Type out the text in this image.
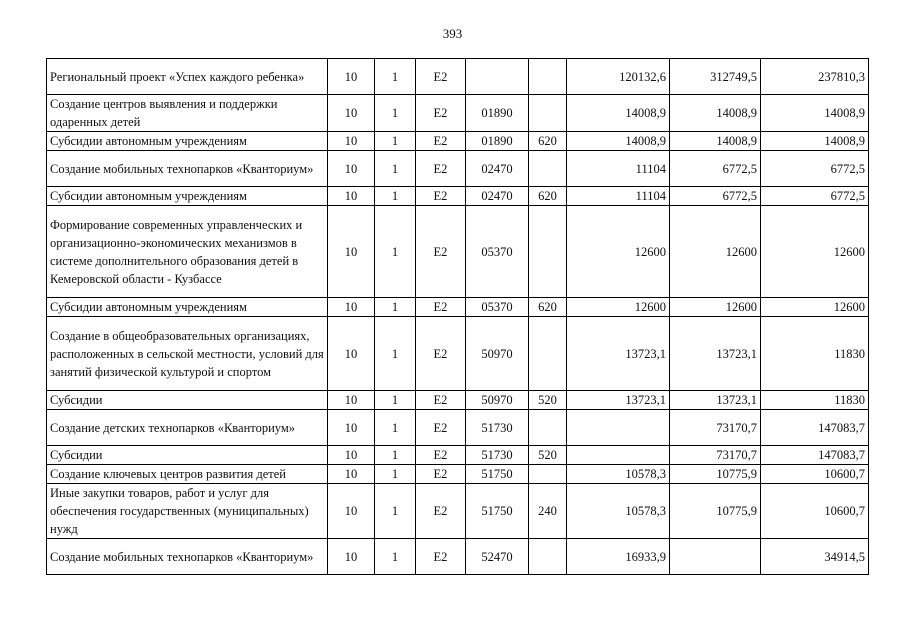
393
Региональный проект «Успех каждого ребенка»	10	1	E2			120132,6	312749,5	237810,3
Создание центров выявления и поддержки одаренных детей	10	1	E2	01890		14008,9	14008,9	14008,9
Субсидии автономным учреждениям	10	1	E2	01890	620	14008,9	14008,9	14008,9
Создание мобильных технопарков «Кванториум»	10	1	E2	02470		11104	6772,5	6772,5
Субсидии автономным учреждениям	10	1	E2	02470	620	11104	6772,5	6772,5
Формирование современных управленческих и организационно-экономических механизмов в системе дополнительного образования детей в Кемеровской области - Кузбассе	10	1	E2	05370		12600	12600	12600
Субсидии автономным учреждениям	10	1	E2	05370	620	12600	12600	12600
Создание в общеобразовательных организациях, расположенных в сельской местности, условий для занятий физической культурой и спортом	10	1	E2	50970		13723,1	13723,1	11830
Субсидии	10	1	E2	50970	520	13723,1	13723,1	11830
Создание детских технопарков «Кванториум»	10	1	E2	51730			73170,7	147083,7
Субсидии	10	1	E2	51730	520		73170,7	147083,7
Создание ключевых центров развития детей	10	1	E2	51750		10578,3	10775,9	10600,7
Иные закупки товаров, работ и услуг для обеспечения государственных (муниципальных) нужд	10	1	E2	51750	240	10578,3	10775,9	10600,7
Создание мобильных технопарков «Кванториум»	10	1	E2	52470		16933,9		34914,5
